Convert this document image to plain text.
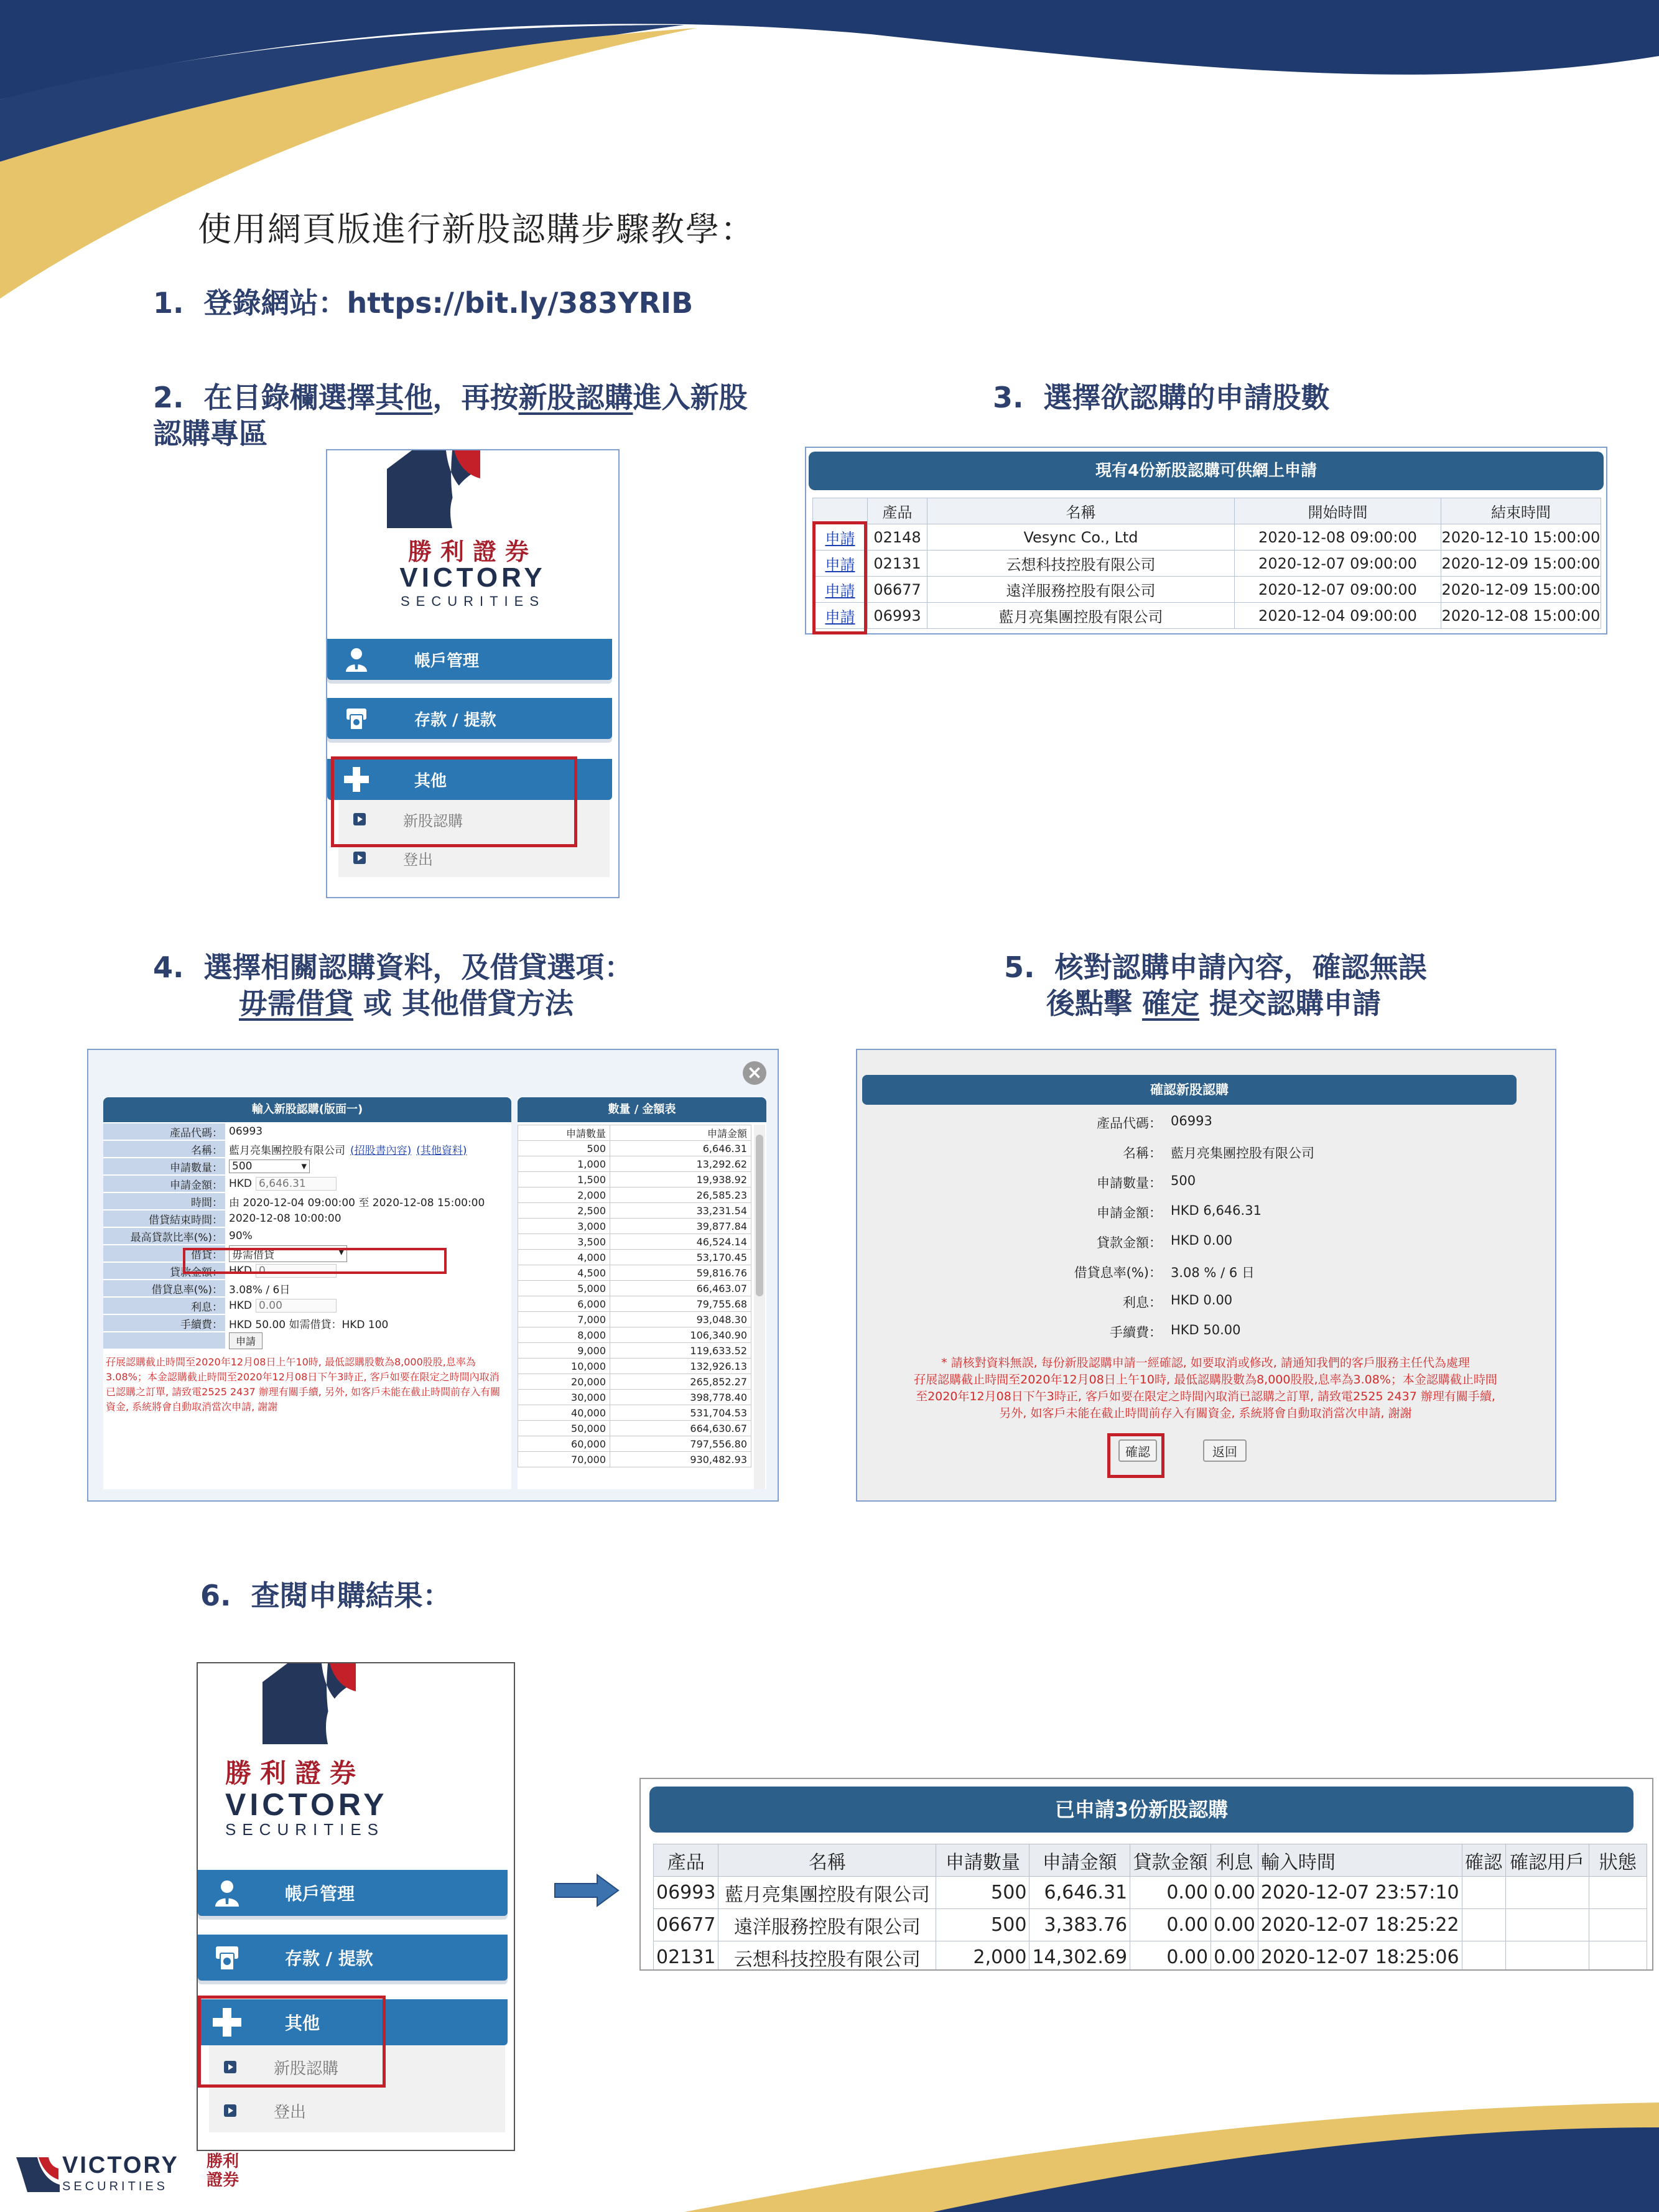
使用網頁版進行新股認購步驟教學：
1. 登錄網站：https://bit.ly/383YRIB
2. 在目錄欄選擇其他，再按新股認購進入新股
認購專區
3. 選擇欲認購的申請股數
勝利證券
VICTORY
SECURITIES
帳戶管理
存款 / 提款
其他
新股認購
登出
現有4份新股認購可供網上申請
	產品	名稱	開始時間	結束時間
申請	02148	Vesync Co., Ltd	2020-12-08 09:00:00	2020-12-10 15:00:00
申請	02131	云想科技控股有限公司	2020-12-07 09:00:00	2020-12-09 15:00:00
申請	06677	遠洋服務控股有限公司	2020-12-07 09:00:00	2020-12-09 15:00:00
申請	06993	藍月亮集團控股有限公司	2020-12-04 09:00:00	2020-12-08 15:00:00
4. 選擇相關認購資料，及借貸選項：
毋需借貸 或 其他借貸方法
5. 核對認購申請內容，確認無誤
後點擊 確定 提交認購申請
×
輸入新股認購(版面一)
產品代碼： 06993
名稱： 藍月亮集團控股有限公司 (招股書內容) (其他資料)
申請數量： 500	▾
申請金額： HKD 6,646.31
時間： 由 2020-12-04 09:00:00 至 2020-12-08 15:00:00
借貸結束時間： 2020-12-08 10:00:00
最高貸款比率(%)： 90%
借貸： 毋需借貸	▾
貸款金額： HKD 0
借貸息率(%)： 3.08% / 6日
利息： HKD 0.00
手續費： HKD 50.00 如需借貸：HKD 100
申請
孖展認購截止時間至2020年12月08日上午10時, 最低認購股數為8,000股股,息率為3.08%；本金認購截止時間至2020年12月08日下午3時正, 客戶如要在限定之時間內取消已認購之訂單, 請致電2525 2437 辦理有關手續, 另外, 如客戶未能在截止時間前存入有關資金, 系統將會自動取消當次申請, 謝謝
數量 / 金額表
申請數量	申請金額
500	6,646.31
1,000	13,292.62
1,500	19,938.92
2,000	26,585.23
2,500	33,231.54
3,000	39,877.84
3,500	46,524.14
4,000	53,170.45
4,500	59,816.76
5,000	66,463.07
6,000	79,755.68
7,000	93,048.30
8,000	106,340.90
9,000	119,633.52
10,000	132,926.13
20,000	265,852.27
30,000	398,778.40
40,000	531,704.53
50,000	664,630.67
60,000	797,556.80
70,000	930,482.93
確認新股認購
產品代碼： 06993
名稱： 藍月亮集團控股有限公司
申請數量： 500
申請金額： HKD 6,646.31
貸款金額： HKD 0.00
借貸息率(%)： 3.08 % / 6 日
利息： HKD 0.00
手續費： HKD 50.00
* 請核對資料無誤, 每份新股認購申請一經確認, 如要取消或修改, 請通知我們的客戶服務主任代為處理
孖展認購截止時間至2020年12月08日上午10時, 最低認購股數為8,000股股,息率為3.08%；本金認購截止時間
至2020年12月08日下午3時正, 客戶如要在限定之時間內取消已認購之訂單, 請致電2525 2437 辦理有關手續,
另外, 如客戶未能在截止時間前存入有關資金, 系統將會自動取消當次申請, 謝謝
確認	返回
6. 查閱申購結果：
勝利證券
VICTORY
SECURITIES
帳戶管理
存款 / 提款
其他
新股認購
登出
已申請3份新股認購
產品	名稱	申請數量	申請金額	貸款金額	利息	輸入時間	確認	確認用戶	狀態
06993	藍月亮集團控股有限公司	500	6,646.31	0.00	0.00	2020-12-07 23:57:10			
06677	遠洋服務控股有限公司	500	3,383.76	0.00	0.00	2020-12-07 18:25:22			
02131	云想科技控股有限公司	2,000	14,302.69	0.00	0.00	2020-12-07 18:25:06			
VICTORY
SECURITIES
勝利
證券
